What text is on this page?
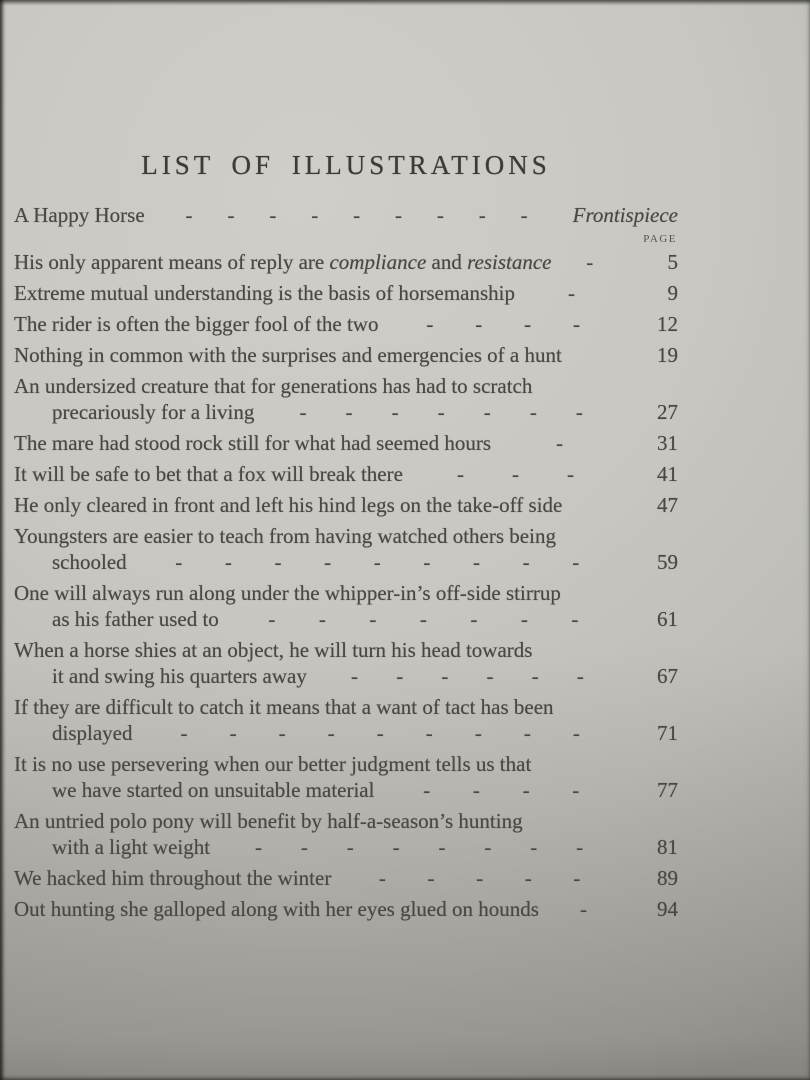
LIST OF ILLUSTRATIONS
A Happy Horse - - - - - - - - - Frontispiece
PAGE
His only apparent means of reply are compliance and resistance -	5
Extreme mutual understanding is the basis of horsemanship	-	9
The rider is often the bigger fool of the two - - - -	12
Nothing in common with the surprises and emergencies of a hunt	19
An undersized creature that for generations has had to scratch
precariously for a living - - - - - - -	27
The mare had stood rock still for what had seemed hours	-	31
It will be safe to bet that a fox will break there	- - -	41
He only cleared in front and left his hind legs on the take-off side	47
Youngsters are easier to teach from having watched others being
schooled - - - - - - - - -	59
One will always run along under the whipper-in’s off-side stirrup
as his father used to - - - - - - -	61
When a horse shies at an object, he will turn his head towards
it and swing his quarters away - - - - - -	67
If they are difficult to catch it means that a want of tact has been
displayed - - - - - - - - -	71
It is no use persevering when our better judgment tells us that
we have started on unsuitable material - - - -	77
An untried polo pony will benefit by half-a-season’s hunting
with a light weight - - - - - - - -	81
We hacked him throughout the winter - - - - -	89
Out hunting she galloped along with her eyes glued on hounds -	94
